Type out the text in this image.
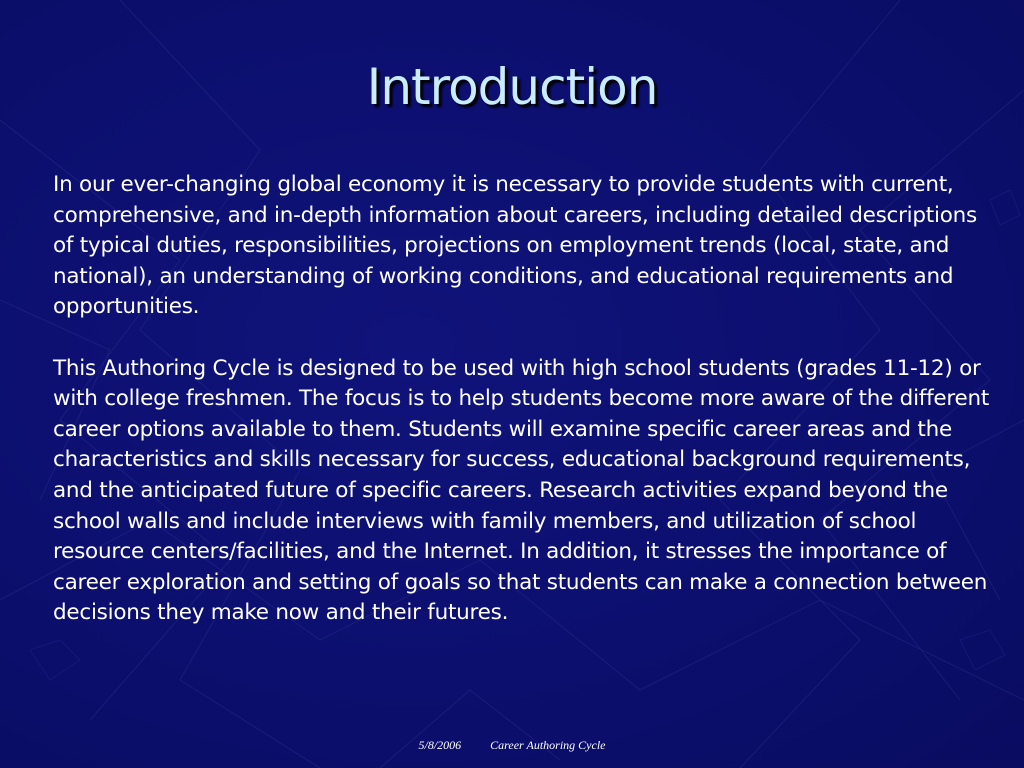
Introduction

In our ever-changing global economy it is necessary to provide students with current, comprehensive, and in-depth information about careers, including detailed descriptions of typical duties, responsibilities, projections on employment trends (local, state, and national), an understanding of working conditions, and educational requirements and opportunities.

This Authoring Cycle is designed to be used with high school students (grades 11-12) or with college freshmen. The focus is to help students become more aware of the different career options available to them. Students will examine specific career areas and the characteristics and skills necessary for success, educational background requirements, and the anticipated future of specific careers. Research activities expand beyond the school walls and include interviews with family members, and utilization of school resource centers/facilities, and the Internet. In addition, it stresses the importance of career exploration and setting of goals so that students can make a connection between decisions they make now and their futures.

5/8/2006 Career Authoring Cycle
